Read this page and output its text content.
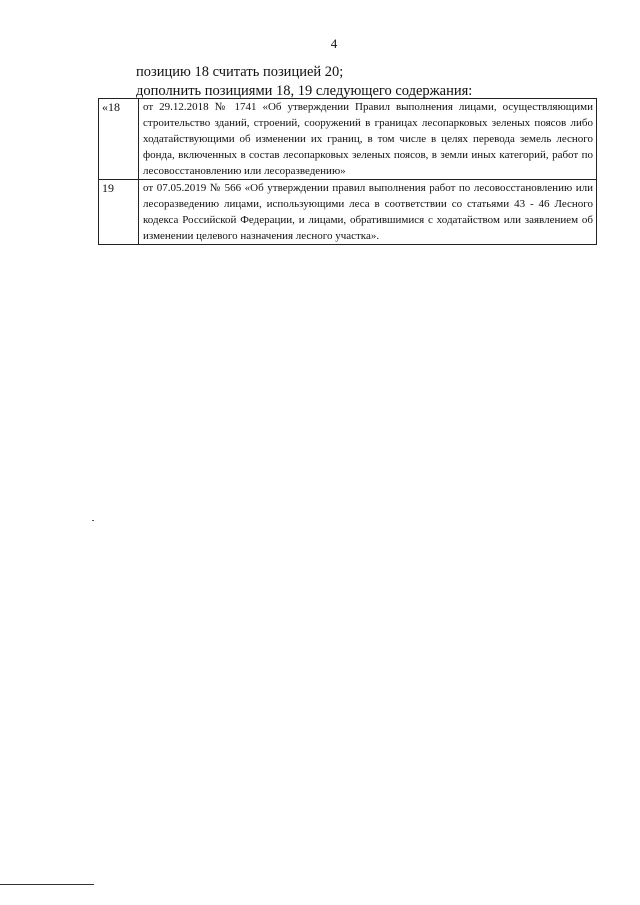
4
позицию 18 считать позицией 20;
дополнить позициями 18, 19 следующего содержания:
«18	от 29.12.2018 № 1741 «Об утверждении Правил выполнения лицами, осуществляющими строительство зданий, строений, сооружений в границах лесопарковых зеленых поясов либо ходатайствующими об изменении их границ, в том числе в целях перевода земель лесного фонда, включенных в состав лесопарковых зеленых поясов, в земли иных категорий, работ по лесовосстановлению или лесоразведению»
19	от 07.05.2019 № 566 «Об утверждении правил выполнения работ по лесовосстановлению или лесоразведению лицами, использующими леса в соответствии со статьями 43 - 46 Лесного кодекса Российской Федерации, и лицами, обратившимися с ходатайством или заявлением об изменении целевого назначения лесного участка».
